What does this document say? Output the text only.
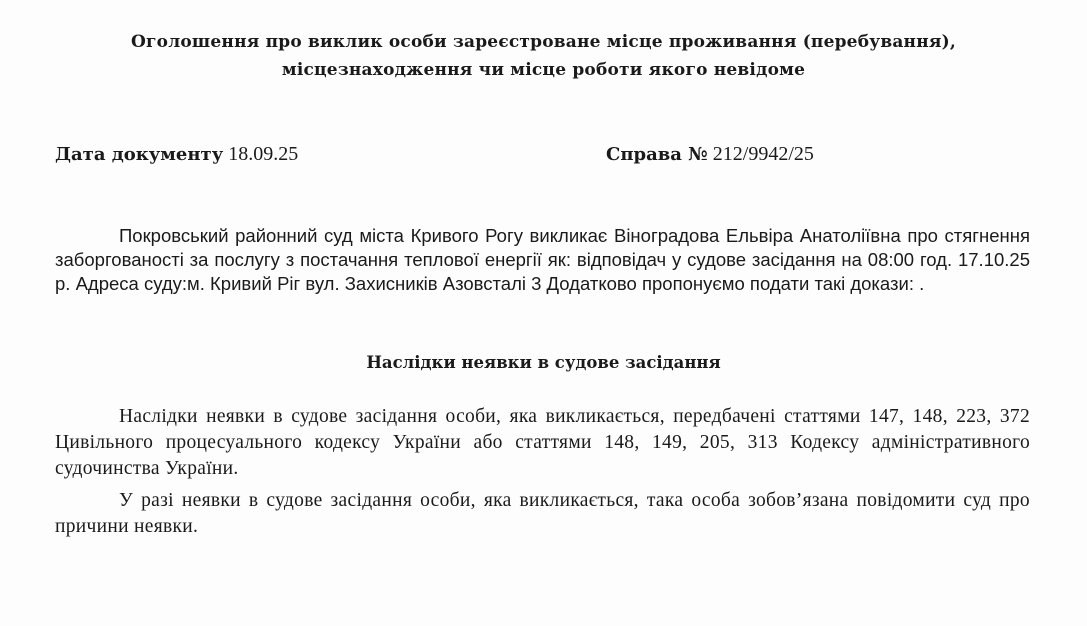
Оголошення про виклик особи зареєстроване місце проживання (перебування),
місцезнаходження чи місце роботи якого невідоме
Дата документу 18.09.25	Справа № 212/9942/25
Покровський районний суд міста Кривого Рогу викликає Віноградова Ельвіра Анатоліївна про стягнення заборгованості за послугу з постачання теплової енергії як: відповідач у судове засідання на 08:00 год. 17.10.25 р. Адреса суду:м. Кривий Ріг вул. Захисників Азовсталі 3 Додатково пропонуємо подати такі докази: .
Наслідки неявки в судове засідання
Наслідки неявки в судове засідання особи, яка викликається, передбачені статтями 147, 148, 223, 372 Цивільного процесуального кодексу України або статтями 148, 149, 205, 313 Кодексу адміністративного судочинства України.
У разі неявки в судове засідання особи, яка викликається, така особа зобов’язана повідомити суд про причини неявки.
